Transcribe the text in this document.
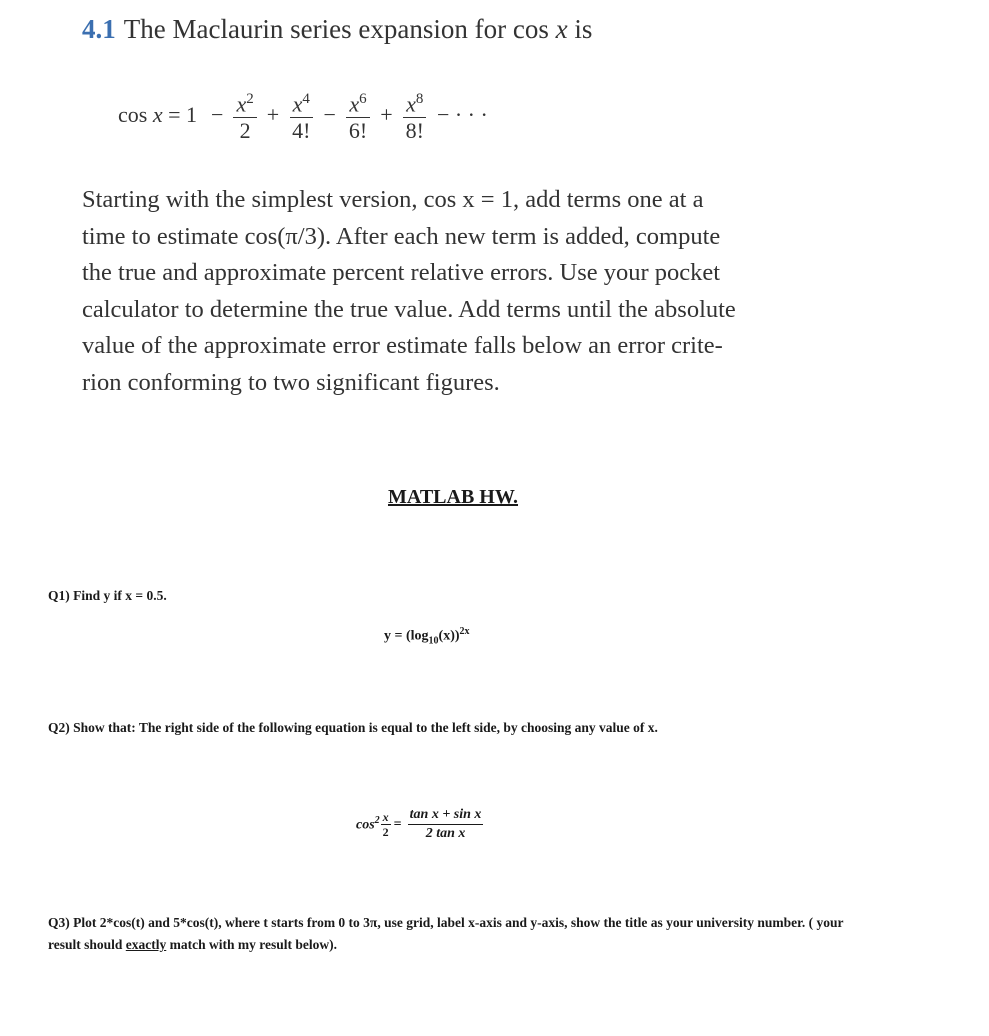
4.1 The Maclaurin series expansion for cos x is
$\cos x = 1 - \frac{x^2}{2} + \frac{x^4}{4!} - \frac{x^6}{6!} + \frac{x^8}{8!}$ − · · ·

Starting with the simplest version, cos x = 1, add terms one at a

time to estimate cos(π/3). After each new term is added, compute

the true and approximate percent relative errors. Use your pocket

calculator to determine the true value. Add terms until the absolute

value of the approximate error estimate falls below an error crite-

rion conforming to two significant figures.

MATLAB HW.
Q1) Find y if x = 0.5.
$y = (\log_{10}(x))^{2x}$
Q2) Show that: The right side of the following equation is equal to the left side, by choosing any value of x.
$\cos^2 \frac{x}{2} = \frac{\text{tan x + sin x}}{\text{2 tan x}}$
Q3) Plot 2*cos(t) and 5*cos(t), where t starts from 0 to 3π, use grid, label x-axis and y-axis, show the title as your university number. ( your result should exactly match with my result below).
